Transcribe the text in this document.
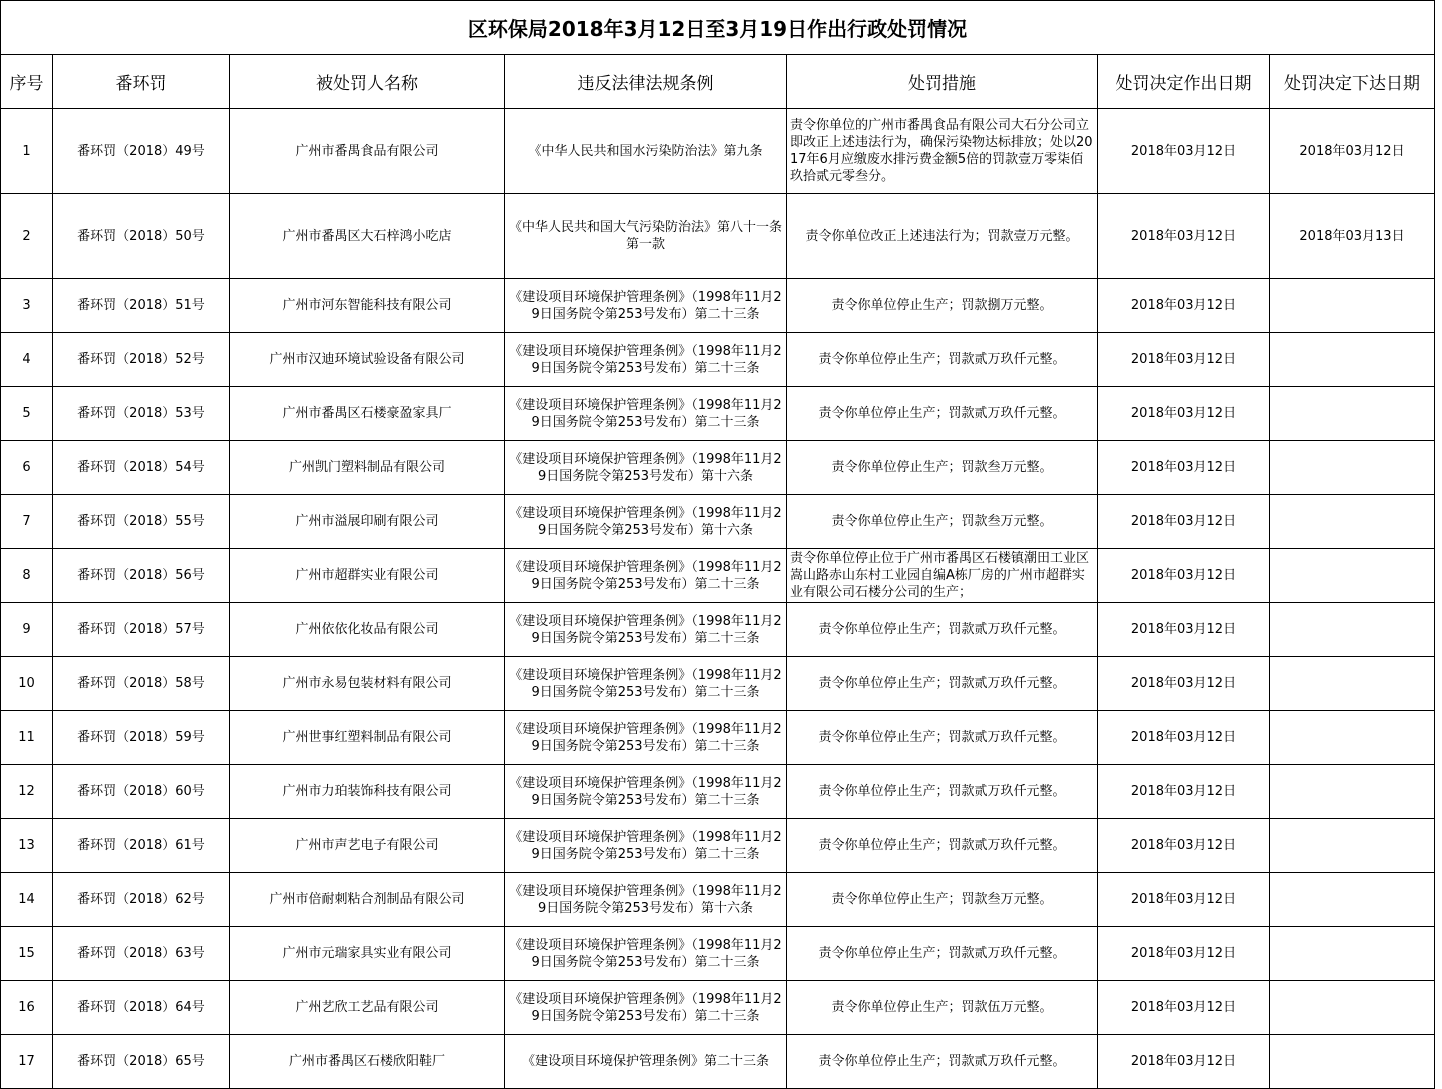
区环保局2018年3月12日至3月19日作出行政处罚情况						
序号	番环罚	被处罚人名称	违反法律法规条例	处罚措施	处罚决定作出日期	处罚决定下达日期

1	番环罚（2018）49号	广州市番禺食品有限公司	《中华人民共和国水污染防治法》第九条	责令你单位的广州市番禺食品有限公司大石分公司立即改正上述违法行为，确保污染物达标排放；处以2017年6月应缴废水排污费金额5倍的罚款壹万零柒佰玖拾贰元零叁分。	2018年03月12日	2018年03月12日

2	番环罚（2018）50号	广州市番禺区大石梓鸿小吃店	《中华人民共和国大气污染防治法》第八十一条第一款	责令你单位改正上述违法行为；罚款壹万元整。	2018年03月12日	2018年03月13日

3	番环罚（2018）51号	广州市河东智能科技有限公司	《建设项目环境保护管理条例》（1998年11月29日国务院令第253号发布）第二十三条	责令你单位停止生产；罚款捌万元整。	2018年03月12日	

4	番环罚（2018）52号	广州市汉迪环境试验设备有限公司	《建设项目环境保护管理条例》（1998年11月29日国务院令第253号发布）第二十三条	责令你单位停止生产；罚款贰万玖仟元整。	2018年03月12日	

5	番环罚（2018）53号	广州市番禺区石楼豪盈家具厂	《建设项目环境保护管理条例》（1998年11月29日国务院令第253号发布）第二十三条	责令你单位停止生产；罚款贰万玖仟元整。	2018年03月12日	

6	番环罚（2018）54号	广州凯门塑料制品有限公司	《建设项目环境保护管理条例》（1998年11月29日国务院令第253号发布）第十六条	责令你单位停止生产；罚款叁万元整。	2018年03月12日	

7	番环罚（2018）55号	广州市溢展印刷有限公司	《建设项目环境保护管理条例》（1998年11月29日国务院令第253号发布）第十六条	责令你单位停止生产；罚款叁万元整。	2018年03月12日	

8	番环罚（2018）56号	广州市超群实业有限公司	《建设项目环境保护管理条例》（1998年11月29日国务院令第253号发布）第二十三条	责令你单位停止位于广州市番禺区石楼镇潮田工业区嵩山路赤山东村工业园自编A栋厂房的广州市超群实业有限公司石楼分公司的生产；	2018年03月12日	

9	番环罚（2018）57号	广州依依化妆品有限公司	《建设项目环境保护管理条例》（1998年11月29日国务院令第253号发布）第二十三条	责令你单位停止生产；罚款贰万玖仟元整。	2018年03月12日	

10	番环罚（2018）58号	广州市永易包装材料有限公司	《建设项目环境保护管理条例》（1998年11月29日国务院令第253号发布）第二十三条	责令你单位停止生产；罚款贰万玖仟元整。	2018年03月12日	

11	番环罚（2018）59号	广州世事红塑料制品有限公司	《建设项目环境保护管理条例》（1998年11月29日国务院令第253号发布）第二十三条	责令你单位停止生产；罚款贰万玖仟元整。	2018年03月12日	

12	番环罚（2018）60号	广州市力珀装饰科技有限公司	《建设项目环境保护管理条例》（1998年11月29日国务院令第253号发布）第二十三条	责令你单位停止生产；罚款贰万玖仟元整。	2018年03月12日	

13	番环罚（2018）61号	广州市声艺电子有限公司	《建设项目环境保护管理条例》（1998年11月29日国务院令第253号发布）第二十三条	责令你单位停止生产；罚款贰万玖仟元整。	2018年03月12日	

14	番环罚（2018）62号	广州市倍耐刺粘合剂制品有限公司	《建设项目环境保护管理条例》（1998年11月29日国务院令第253号发布）第十六条	责令你单位停止生产；罚款叁万元整。	2018年03月12日	

15	番环罚（2018）63号	广州市元瑞家具实业有限公司	《建设项目环境保护管理条例》（1998年11月29日国务院令第253号发布）第二十三条	责令你单位停止生产；罚款贰万玖仟元整。	2018年03月12日	

16	番环罚（2018）64号	广州艺欣工艺品有限公司	《建设项目环境保护管理条例》（1998年11月29日国务院令第253号发布）第二十三条	责令你单位停止生产；罚款伍万元整。	2018年03月12日	

17	番环罚（2018）65号	广州市番禺区石楼欣阳鞋厂	《建设项目环境保护管理条例》第二十三条	责令你单位停止生产；罚款贰万玖仟元整。	2018年03月12日	
